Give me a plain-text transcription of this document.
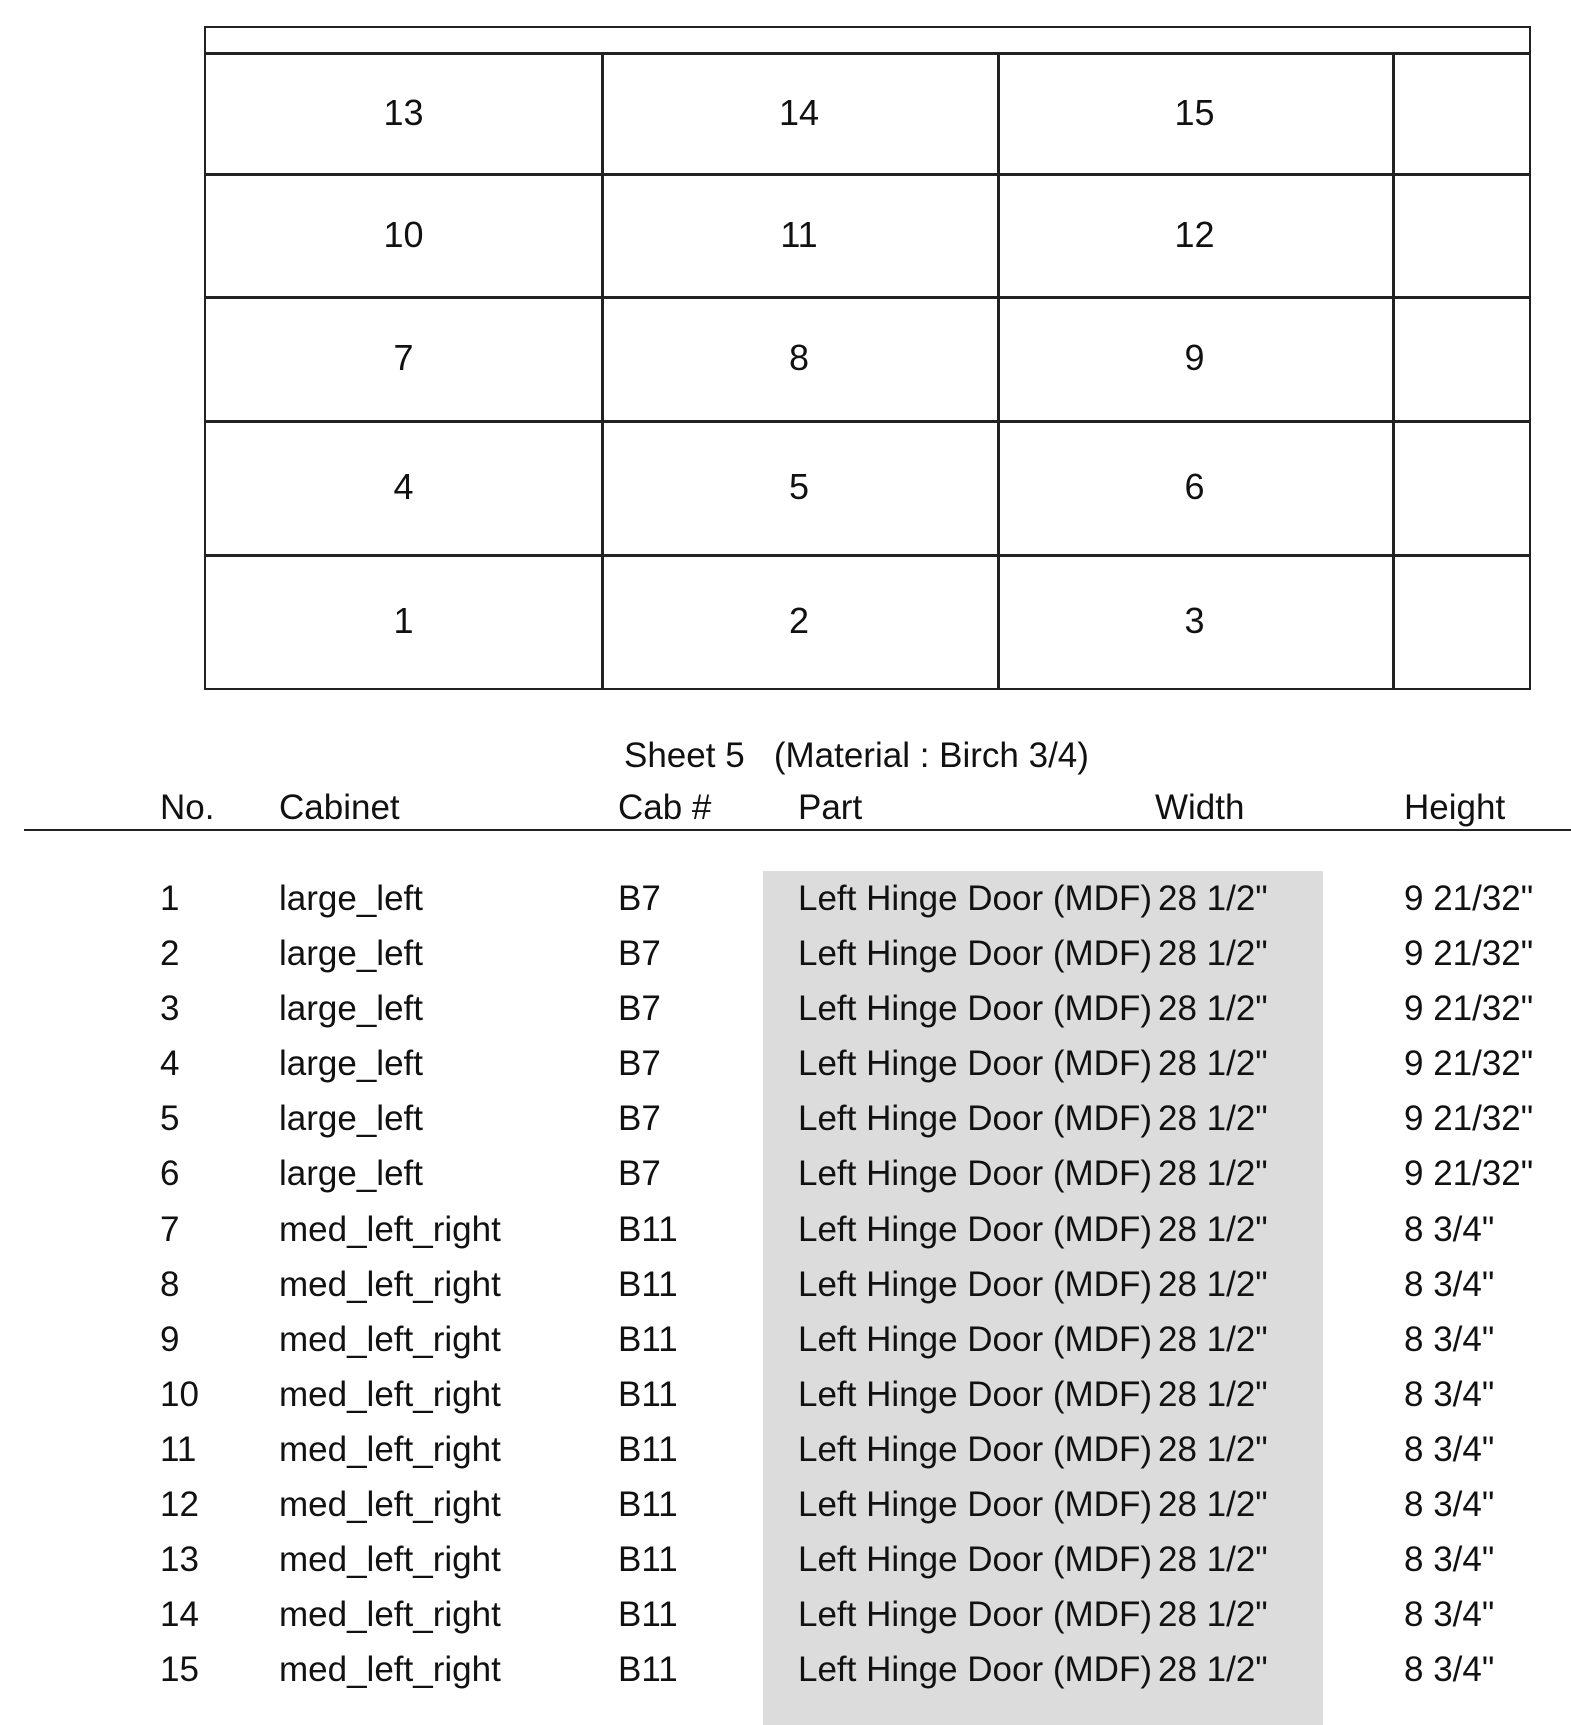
13	14	15
10	11	12
7	8	9
4	5	6
1	2	3
Sheet 5   (Material : Birch 3/4)
No. Cabinet	Cab # Part	Width	Height
1	large_left	B7	Left Hinge Door (MDF) 28 1/2"	9 21/32"
2	large_left	B7	Left Hinge Door (MDF) 28 1/2"	9 21/32"
3	large_left	B7	Left Hinge Door (MDF) 28 1/2"	9 21/32"
4	large_left	B7	Left Hinge Door (MDF) 28 1/2"	9 21/32"
5	large_left	B7	Left Hinge Door (MDF) 28 1/2"	9 21/32"
6	large_left	B7	Left Hinge Door (MDF) 28 1/2"	9 21/32"
7	med_left_right	B11	Left Hinge Door (MDF) 28 1/2"	8 3/4"
8	med_left_right	B11	Left Hinge Door (MDF) 28 1/2"	8 3/4"
9	med_left_right	B11	Left Hinge Door (MDF) 28 1/2"	8 3/4"
10 med_left_right	B11	Left Hinge Door (MDF) 28 1/2"	8 3/4"
11 med_left_right	B11	Left Hinge Door (MDF) 28 1/2"	8 3/4"
12 med_left_right	B11	Left Hinge Door (MDF) 28 1/2"	8 3/4"
13 med_left_right	B11	Left Hinge Door (MDF) 28 1/2"	8 3/4"
14 med_left_right	B11	Left Hinge Door (MDF) 28 1/2"	8 3/4"
15 med_left_right	B11	Left Hinge Door (MDF) 28 1/2"	8 3/4"
